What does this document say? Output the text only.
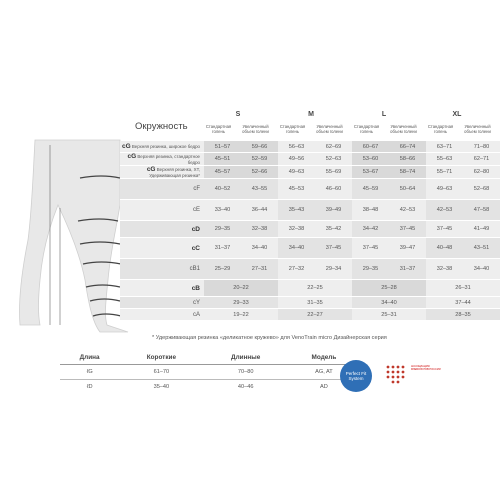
Окружность
S	M	L	XL
Стандартная голень
Увеличенный объем голени
Стандартная голень
Увеличенный объем голени
Стандартная голень
Увеличенный объем голени
Стандартная голень
Увеличенный объем голени
cG Верхняя резинка, широкое бедро	51–57	59–66	56–63	62–69	60–67	66–74	63–71	71–80
cG Верхняя резинка, стандартное бедро	45–51	52–59	49–56	52–63	53–60	58–66	55–63	62–71
cG Верхняя резинка, ХТ, Удерживающая резинка*	45–57	52–66	49–63	55–69	53–67	58–74	55–71	62–80
cF	40–52	43–55	45–53	46–60	45–59	50–64	49–63	52–68
cE	33–40	36–44	35–43	39–49	38–48	42–53	42–53	47–58
cD	29–35	32–38	32–38	35–42	34–42	37–45	37–45	41–49
cC	31–37	34–40	34–40	37–45	37–45	39–47	40–48	43–51
cB1	25–29	27–31	27–32	29–34	29–35	31–37	32–38	34–40
cB	20–22		22–25		25–28		26–31	
cY	29–33		31–35		34–40		37–44	
cA	19–22		22–27		25–31		28–35	
* Удерживающая резинка «деликатное кружево» для VenoTrain micro Дизайнерская серия
Длина	Короткие	Длинные	Модель
ℓG	61–70	70–80	AG, AT
ℓD	35–40	40–46	AD
Perfect Fit System
АССОЦИАЦИЯ ФЛЕБОЛОГОВ РОССИИ
